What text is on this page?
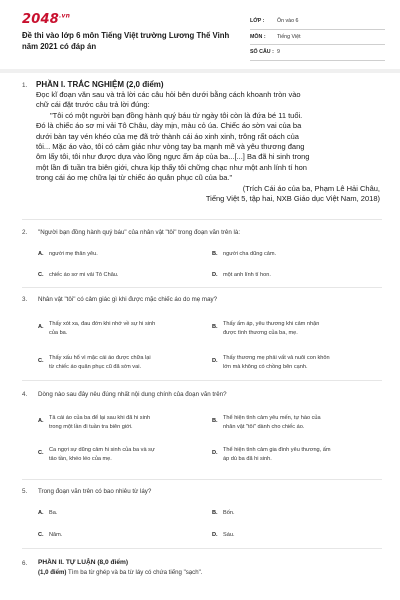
$2048^{.vn}$
Đề thi vào lớp 6 môn Tiếng Việt trường Lương Thế Vinh
năm 2021 có đáp án
LỚP : Ôn vào 6
MÔN : Tiếng Việt
SỐ CÂU : 9
1. PHẦN I. TRẮC NGHIỆM (2,0 điểm)
Đọc kĩ đoạn văn sau và trả lời các câu hỏi bên dưới bằng cách khoanh tròn vào
chữ cái đặt trước câu trả lời đúng:
"Tôi có một người bạn đồng hành quý báu từ ngày tôi còn là đứa bé 11 tuổi.
Đó là chiếc áo sơ mi vải Tô Châu, dày mịn, màu cỏ úa. Chiếc áo sờn vai của ba
dưới bàn tay vén khéo của mẹ đã trở thành cái áo xinh xinh, trông rất oách của
tôi... Mặc áo vào, tôi có cảm giác như vòng tay ba mạnh mẽ và yêu thương đang
ôm lấy tôi, tôi như được dựa vào lồng ngực ấm áp của ba...[...] Ba đã hi sinh trong
một lần đi tuần tra biên giới, chưa kịp thấy tôi chững chạc như một anh lính tí hon
trong cái áo mẹ chữa lại từ chiếc áo quân phục cũ của ba."
(Trích Cái áo của ba, Phạm Lê Hải Châu,
Tiếng Việt 5, tập hai, NXB Giáo dục Việt Nam, 2018)
2. "Người bạn đồng hành quý báu" của nhân vật "tôi" trong đoạn văn trên là:
A. người mẹ thân yêu.	B. người cha dũng cảm.
C. chiếc áo sơ mi vải Tô Châu.	D. một anh lính tí hon.
3. Nhân vật "tôi" có cảm giác gì khi được mặc chiếc áo do mẹ may?
A. Thấy xót xa, đau đớn khi nhớ về sự hi sinh
của ba.
B. Thấy ấm áp, yêu thương khi cảm nhận
được tình thương của ba, mẹ.
C. Thấy xấu hổ vì mặc cái áo được chữa lại
từ chiếc áo quân phục cũ đã sờn vai.
D. Thấy thương mẹ phải vất vả nuôi con khôn
lớn mà không có chồng bên cạnh.
4. Dòng nào sau đây nêu đúng nhất nội dung chính của đoạn văn trên?
A. Tả cái áo của ba để lại sau khi đã hi sinh
trong một lần đi tuần tra biên giới.
B. Thể hiện tình cảm yêu mến, tự hào của
nhân vật "tôi" dành cho chiếc áo.
C. Ca ngợi sự dũng cảm hi sinh của ba và sự
tảo tần, khéo léo của mẹ.
D. Thể hiện tình cảm gia đình yêu thương, ấm
áp dù ba đã hi sinh.
5. Trong đoạn văn trên có bao nhiêu từ láy?
A. Ba.	B. Bốn.
C. Năm.	D. Sáu.
6. PHẦN II. TỰ LUẬN (8,0 điểm)
(1,0 điểm) Tìm ba từ ghép và ba từ láy có chứa tiếng "sạch".
